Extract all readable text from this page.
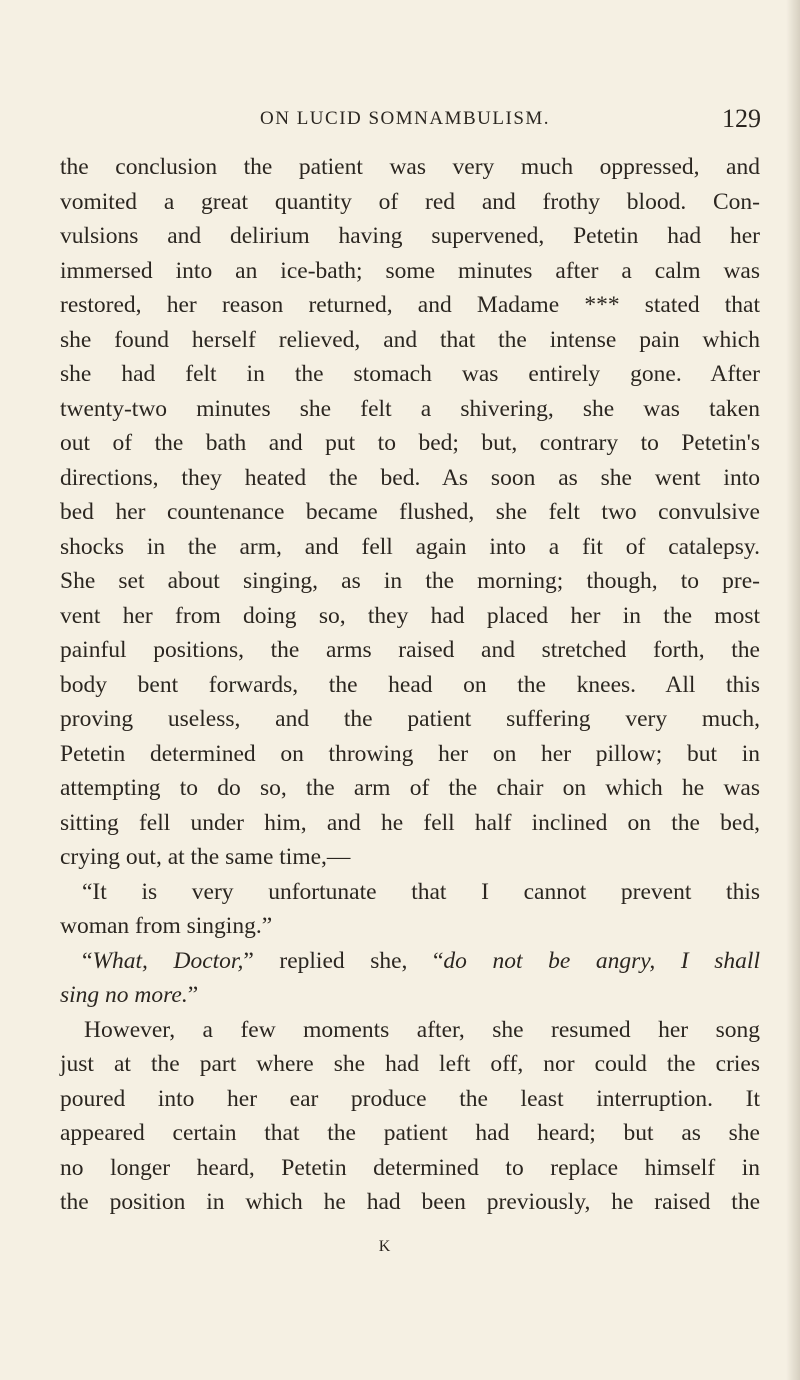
ON LUCID SOMNAMBULISM.	129
the conclusion the patient was very much oppressed, and
vomited a great quantity of red and frothy blood. Con-
vulsions and delirium having supervened, Petetin had her
immersed into an ice-bath; some minutes after a calm was
restored, her reason returned, and Madame *** stated that
she found herself relieved, and that the intense pain which
she had felt in the stomach was entirely gone. After
twenty-two minutes she felt a shivering, she was taken
out of the bath and put to bed; but, contrary to Petetin's
directions, they heated the bed. As soon as she went into
bed her countenance became flushed, she felt two convulsive
shocks in the arm, and fell again into a fit of catalepsy.
She set about singing, as in the morning; though, to pre-
vent her from doing so, they had placed her in the most
painful positions, the arms raised and stretched forth, the
body bent forwards, the head on the knees. All this
proving useless, and the patient suffering very much,
Petetin determined on throwing her on her pillow; but in
attempting to do so, the arm of the chair on which he was
sitting fell under him, and he fell half inclined on the bed,
crying out, at the same time,—
“It is very unfortunate that I cannot prevent this
woman from singing.”
“What, Doctor,” replied she, “do not be angry, I shall
sing no more.”
However, a few moments after, she resumed her song
just at the part where she had left off, nor could the cries
poured into her ear produce the least interruption. It
appeared certain that the patient had heard; but as she
no longer heard, Petetin determined to replace himself in
the position in which he had been previously, he raised the
K
